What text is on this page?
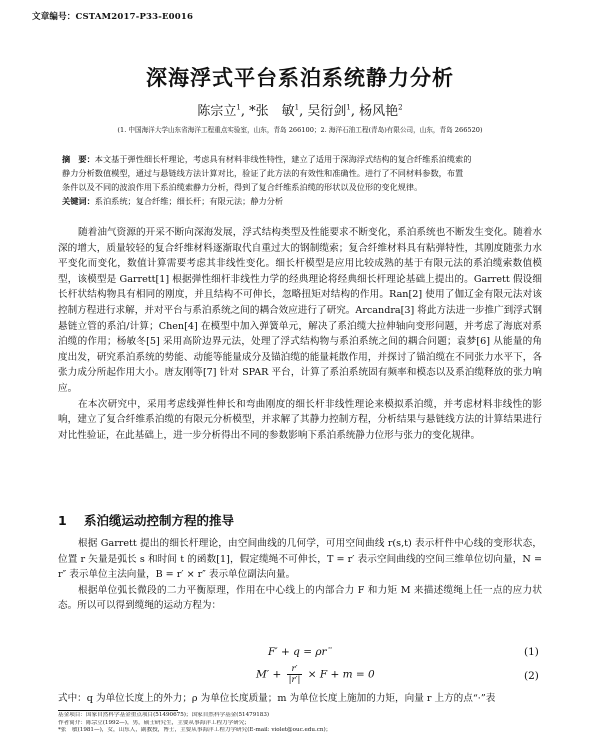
文章编号：CSTAM2017-P33-E0016
深海浮式平台系泊系统静力分析
陈宗立$^1$, *张　敏$^1$, 吴衍剑$^1$, 杨风艳$^2$
(1. 中国海洋大学山东省海洋工程重点实验室，山东，青岛 266100；2. 海洋石油工程(青岛)有限公司，山东，青岛 266520)
摘　要：本文基于弹性细长杆理论，考虑具有材料非线性特性，建立了适用于深海浮式结构的复合纤维系泊缆索的
静力分析数值模型，通过与悬链线方法计算对比，验证了此方法的有效性和准确性。进行了不同材料参数，布置
条件以及不同的波浪作用下系泊缆索静力分析，得到了复合纤维系泊缆的形状以及位形的变化规律。
关键词：系泊系统；复合纤维；细长杆；有限元法；静力分析

随着油气资源的开采不断向深海发展，浮式结构类型及性能要求不断变化，系泊系统也不断发生变化。随着水深的增大，质量较轻的复合纤维材料逐渐取代自重过大的钢制缆索；复合纤维材料具有粘弹特性，其刚度随张力水平变化而变化，数值计算需要考虑其非线性变化。细长杆模型是应用比较成熟的基于有限元法的系泊缆索数值模型，该模型是 Garrett[1] 根据弹性细杆非线性力学的经典理论将经典细长杆理论基础上提出的。Garrett 假设细长杆状结构物具有相同的刚度，并且结构不可伸长，忽略扭矩对结构的作用。Ran[2] 使用了伽辽金有限元法对该控制方程进行求解，并对平台与系泊系统之间的耦合效应进行了研究。Arcandra[3] 将此方法进一步推广到浮式钢悬链立管的系泊/计算；Chen[4] 在模型中加入弹簧单元，解决了系泊缆大拉伸轴向变形问题，并考虑了海底对系泊缆的作用；杨敏冬[5] 采用高阶边界元法，处理了浮式结构物与系泊系统之间的耦合问题；袁梦[6] 从能量的角度出发，研究系泊系统的势能、动能等能量成分及锚泊缆的能量耗散作用，并探讨了锚泊缆在不同张力水平下，各张力成分所起作用大小。唐友刚等[7] 针对 SPAR 平台，计算了系泊系统固有频率和模态以及系泊缆释放的张力响应。

在本次研究中，采用考虑线弹性伸长和弯曲刚度的细长杆非线性理论来模拟系泊缆，并考虑材料非线性的影响，建立了复合纤维系泊缆的有限元分析模型，并求解了其静力控制方程，分析结果与悬链线方法的计算结果进行对比性验证，在此基础上，进一步分析得出不同的参数影响下系泊系统静力位形与张力的变化规律。

1 系泊缆运动控制方程的推导

根据 Garrett 提出的细长杆理论，由空间曲线的几何学，可用空间曲线 r(s,t) 表示杆件中心线的变形状态，位置 r 矢量是弧长 s 和时间 t 的函数[1]，假定缆绳不可伸长，T = r′ 表示空间曲线的空间三维单位切向量，N = r″ 表示单位主法向量，B = r′ × r″ 表示单位副法向量。

根据单位弧长微段的二力平衡原理，作用在中心线上的内部合力 F 和力矩 M 来描述缆绳上任一点的应力状态。所以可以得到缆绳的运动方程为：

F′ + q = ρr¨	(1)
$M' + \frac{r'}{|r'|} \times F + m = 0$	(2)
式中：q 为单位长度上的外力；ρ 为单位长度质量；m 为单位长度上施加的力矩，向量 r 上方的点“·”表
基金项目：国家自然科学基金重点项目(51490675)；国家自然科学基金(51479183)
作者简介：陈宗立(1992—)，男，硕士研究生，主要从事海洋工程力学研究；
*张　敏(1981—)，女，山东人，副教授，博士，主要从事海洋工程力学研究(E-mail: violet@ouc.edu.cn)；
